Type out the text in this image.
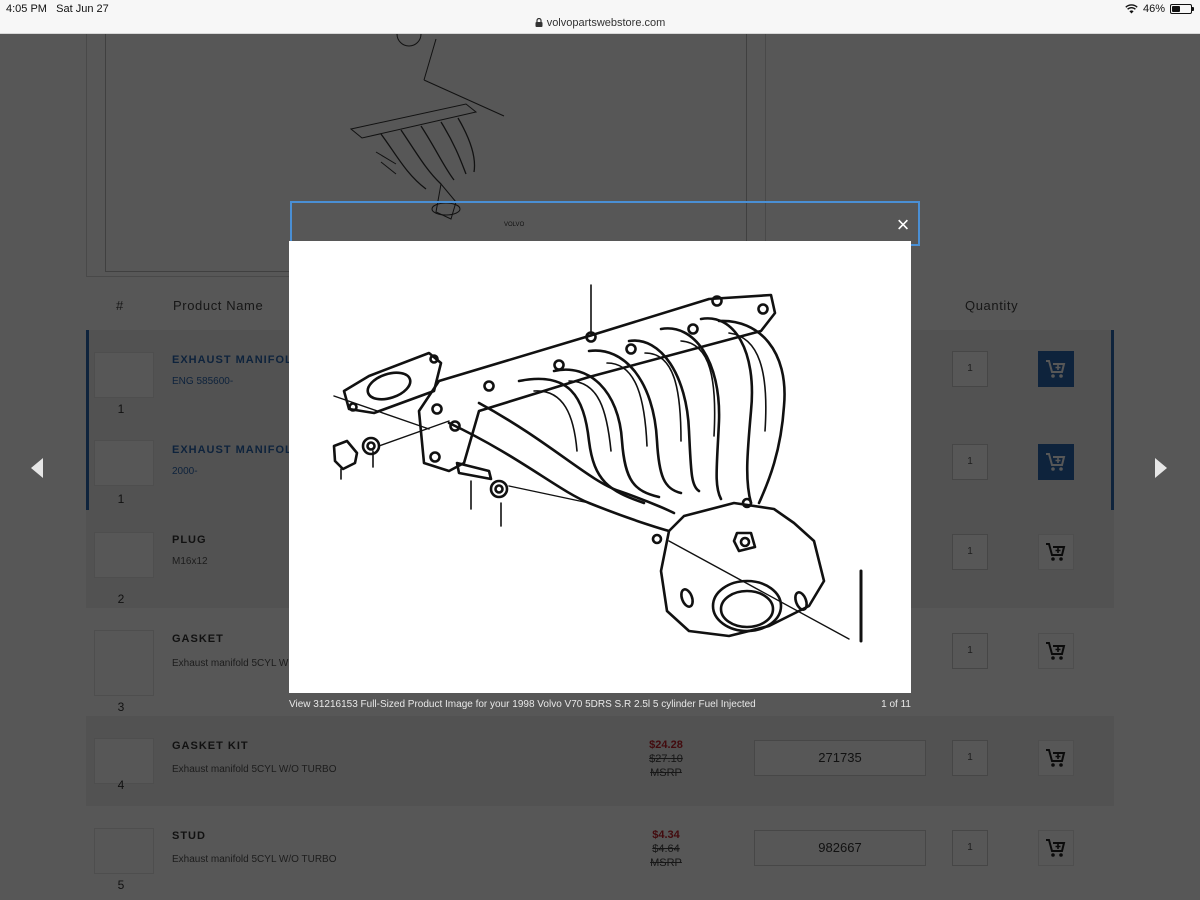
4:05 PM Sat Jun 27
volvopartswebstore.com
46%
×
View 31216153 Full-Sized Product Image for your 1998 Volvo V70 5DRS S.R 2.5l 5 cylinder Fuel Injected	1 of 11
